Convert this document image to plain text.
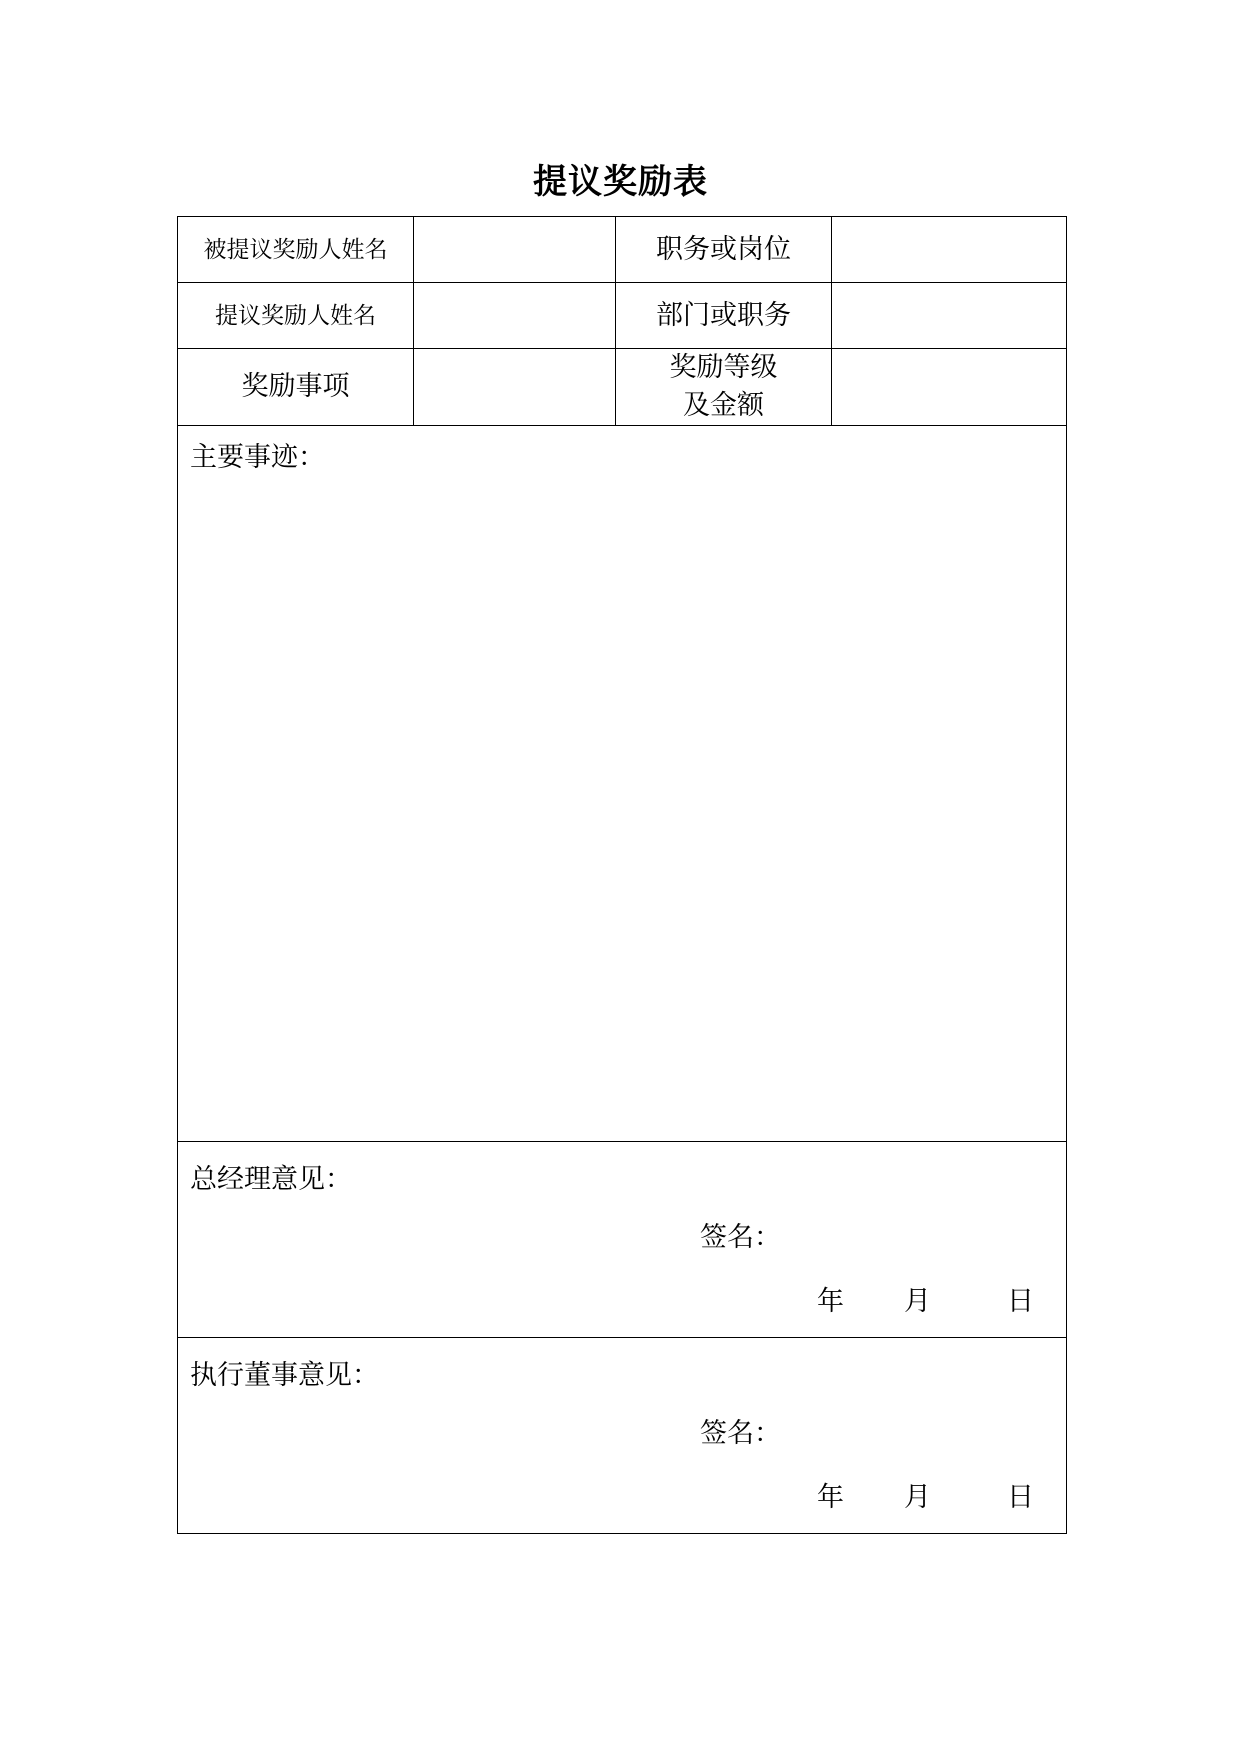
提议奖励表
被提议奖励人姓名		职务或岗位	
提议奖励人姓名		部门或职务	
奖励事项		奖励等级
及金额	

主要事迹：			

总经理意见：
签名：
年 月 日			

执行董事意见：
签名：
年 月 日			
